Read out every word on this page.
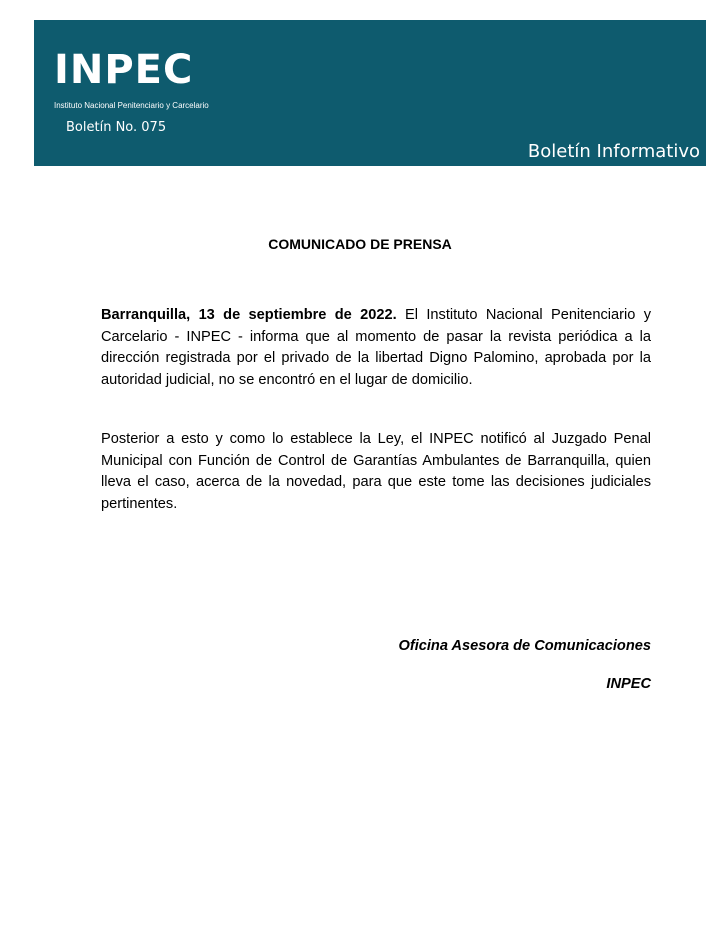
INPEC
Instituto Nacional Penitenciario y Carcelario
Boletín No. 075
Boletín Informativo
COMUNICADO DE PRENSA
Barranquilla, 13 de septiembre de 2022. El Instituto Nacional Penitenciario y Carcelario - INPEC - informa que al momento de pasar la revista periódica a la dirección registrada por el privado de la libertad Digno Palomino, aprobada por la autoridad judicial, no se encontró en el lugar de domicilio.
Posterior a esto y como lo establece la Ley, el INPEC notificó al Juzgado Penal Municipal con Función de Control de Garantías Ambulantes de Barranquilla, quien lleva el caso, acerca de la novedad, para que este tome las decisiones judiciales pertinentes.
Oficina Asesora de Comunicaciones
INPEC
